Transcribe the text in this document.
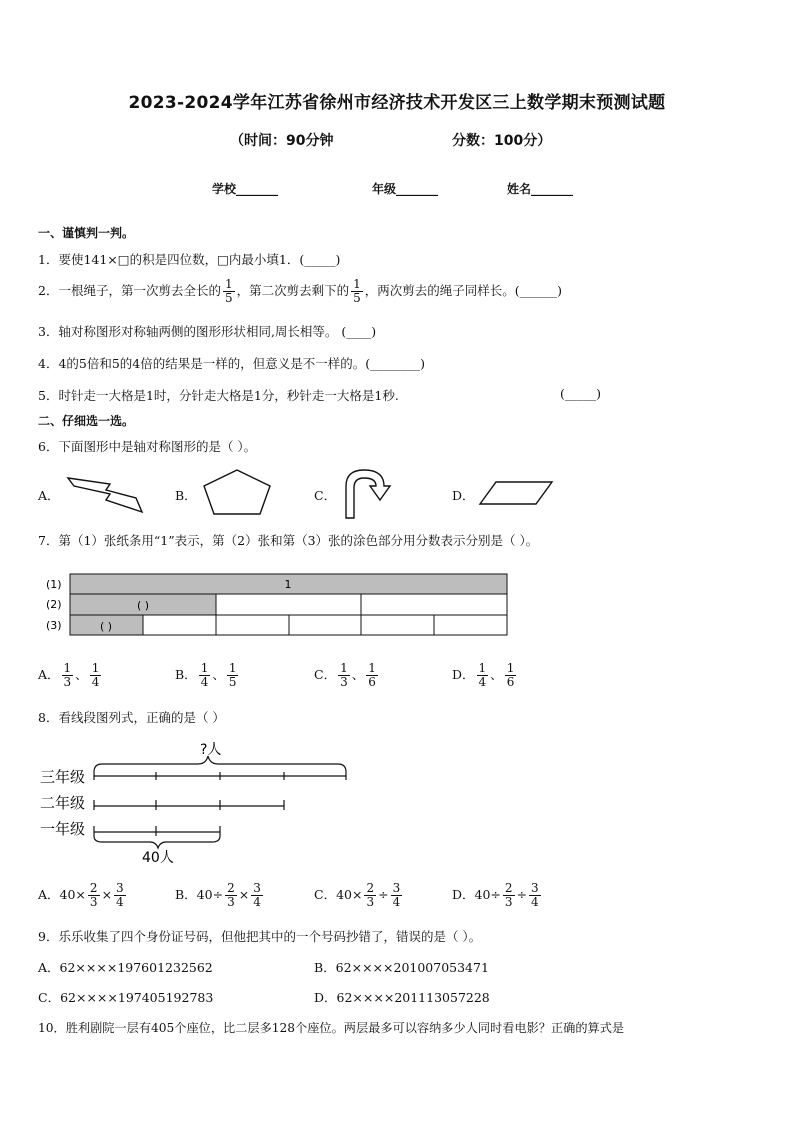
2023-2024学年江苏省徐州市经济技术开发区三上数学期末预测试题
（时间：90分钟	分数：100分）
学校_______	年级_______	姓名_______
一、谨慎判一判。
1．要使141×□的积是四位数，□内最小填1．(_____)
2．一根绳子，第一次剪去全长的 $\frac{1}{5}$ ，第二次剪去剩下的 $\frac{1}{5}$ ，两次剪去的绳子同样长。(______)
3．轴对称图形对称轴两侧的图形形状相同,周长相等。 (____)
4．4的5倍和5的4倍的结果是一样的，但意义是不一样的。(________)
5．时针走一大格是1时，分针走大格是1分，秒针走一大格是1秒.	(_____)
二、仔细选一选。
6．下面图形中是轴对称图形的是（ ）。
A．	B．	C．	D．
7．第（1）张纸条用“1”表示，第（2）张和第（3）张的涂色部分用分数表示分别是（ ）。
(1)
(2)
(3)
1
( )
( )
A． $\frac{1}{3}$ 、 $\frac{1}{4}$	B． $\frac{1}{4}$ 、 $\frac{1}{5}$	C． $\frac{1}{3}$ 、 $\frac{1}{6}$	D． $\frac{1}{4}$ 、 $\frac{1}{6}$
8．看线段图列式，正确的是（ ）
三年级
二年级
一年级
?人
40人
A．$40\times \frac{2}{3} \times \frac{3}{4}$	B．$40\div \frac{2}{3} \times \frac{3}{4}$	C．$40\times \frac{2}{3} \div \frac{3}{4}$	D．$40\div \frac{2}{3} \div \frac{3}{4}$
9．乐乐收集了四个身份证号码，但他把其中的一个号码抄错了，错误的是（ ）。
A．62××××197601232562	B．62××××201007053471
C．62××××197405192783	D．62××××201113057228
10．胜利剧院一层有405个座位，比二层多128个座位。两层最多可以容纳多少人同时看电影？正确的算式是
